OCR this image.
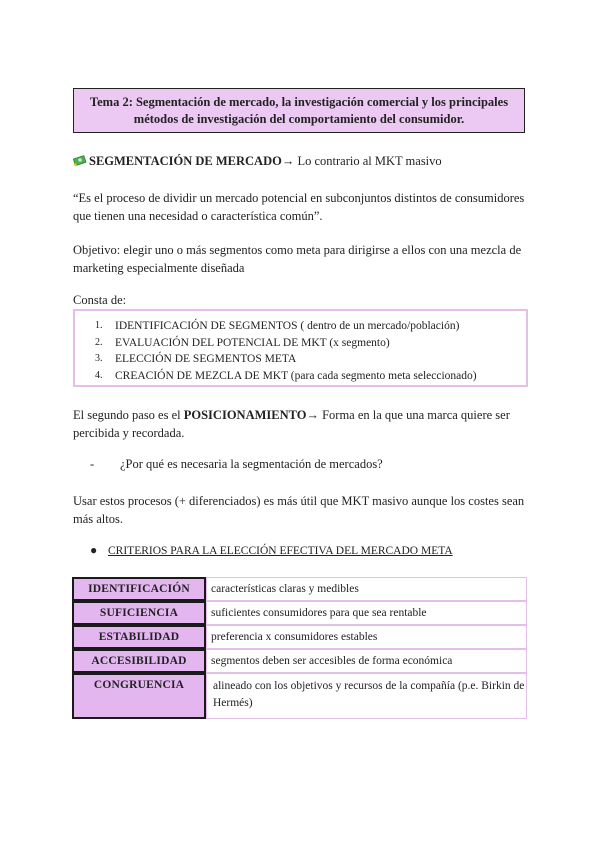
Tema 2: Segmentación de mercado, la investigación comercial y los principales
métodos de investigación del comportamiento del consumidor.
SEGMENTACIÓN DE MERCADO→ Lo contrario al MKT masivo
“Es el proceso de dividir un mercado potencial en subconjuntos distintos de consumidores que tienen una necesidad o característica común”.
Objetivo: elegir uno o más segmentos como meta para dirigirse a ellos con una mezcla de marketing especialmente diseñada
Consta de:
1.	IDENTIFICACIÓN DE SEGMENTOS ( dentro de un mercado/población)
2.	EVALUACIÓN DEL POTENCIAL DE MKT (x segmento)
3.	ELECCIÓN DE SEGMENTOS META
4.	CREACIÓN DE MEZCLA DE MKT (para cada segmento meta seleccionado)
El segundo paso es el POSICIONAMIENTO→ Forma en la que una marca quiere ser percibida y recordada.
- ¿Por qué es necesaria la segmentación de mercados?
Usar estos procesos (+ diferenciados) es más útil que MKT masivo aunque los costes sean más altos.
● CRITERIOS PARA LA ELECCIÓN EFECTIVA DEL MERCADO META
IDENTIFICACIÓN	características claras y medibles
SUFICIENCIA	suficientes consumidores para que sea rentable
ESTABILIDAD	preferencia x consumidores estables
ACCESIBILIDAD	segmentos deben ser accesibles de forma económica
CONGRUENCIA	alineado con los objetivos y recursos de la compañía (p.e. Birkin de Hermés)
